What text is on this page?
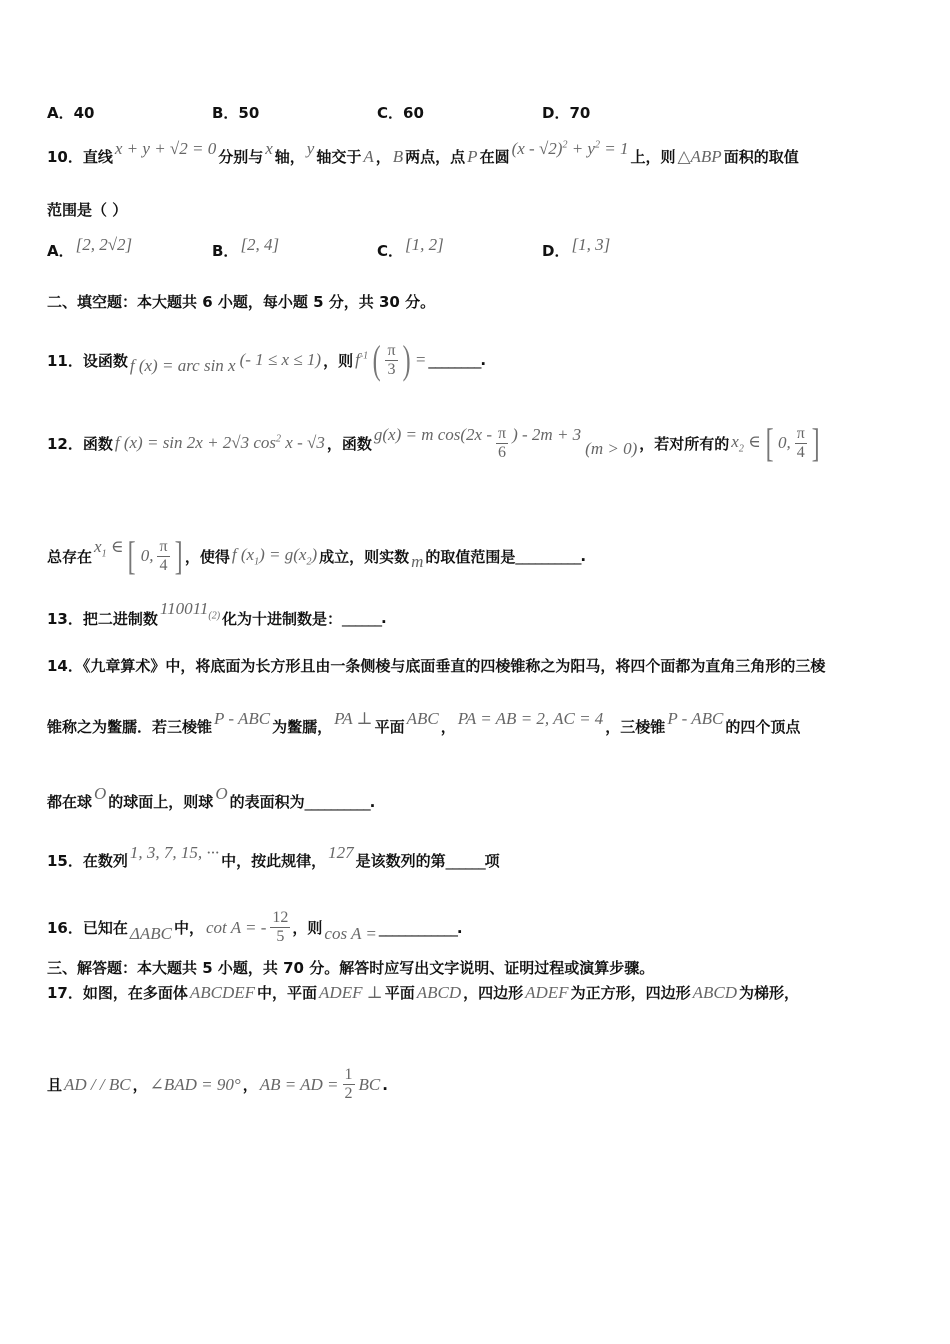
A．40	B．50	C．60	D．70
10．直线 x + y + √2 = 0 分别与 x 轴， y 轴交于 A ， B 两点，点 P 在圆 $(x - √2)^2 + y^2 = 1$ 上，则 △ABP 面积的取值
范围是（ ）
A． [2, 2√2]	B． [2, 4]	C． [1, 2]	D． [1, 3]
二、填空题：本大题共 6 小题，每小题 5 分，共 30 分。
11．设函数 f (x) = arc sin x (- 1 ≤ x ≤ 1) ，则 $f^{-1}$ ( $\frac{\pi}{3}$ ) = ________ .
12．函数 f (x) = sin 2x + 2√3 $\cos^2 x - √3$ ，函数 g(x) = m $\cos(2x - \frac{\pi}{6}$ ) - 2m + 3
(m > 0) ，若对所有的 $x_2$ ∈ [ 0, $\frac{\pi}{4}$ ]
总存在
$x_1$ ∈ [ 0, $\frac{\pi}{4}$ ] ，使得 f $(x_1) = g(x_2)$ 成立，则实数 m 的取值范围是 __________ .
13．把二进制数
$110011_{(2)}$ 化为十进制数是： ______ .
14．《九章算术》中，将底面为长方形且由一条侧棱与底面垂直的四棱锥称之为阳马，将四个面都为直角三角形的三棱
锥称之为鳖臑．若三棱锥 P - ABC 为鳖臑， PA ⊥ 平面 ABC ， PA = AB = 2, AC = 4 ，三棱锥 P - ABC 的四个顶点
都在球 O 的球面上，则球 O 的表面积为 __________ .
15．在数列 1, 3, 7, 15, ··· 中，按此规律， 127 是该数列的第 ______ 项
16．已知在 ΔABC 中， cot A = - $\frac{12}{5}$ ，则 cos A = ____________ .
三、解答题：本大题共 5 小题，共 70 分。解答时应写出文字说明、证明过程或演算步骤。
17．如图，在多面体 ABCDEF 中，平面 ADEF ⊥ 平面 ABCD ，四边形 ADEF 为正方形，四边形 ABCD 为梯形，
且 AD / / BC ， ∠BAD = 90° ， AB = AD = $\frac{1}{2}$ BC .
